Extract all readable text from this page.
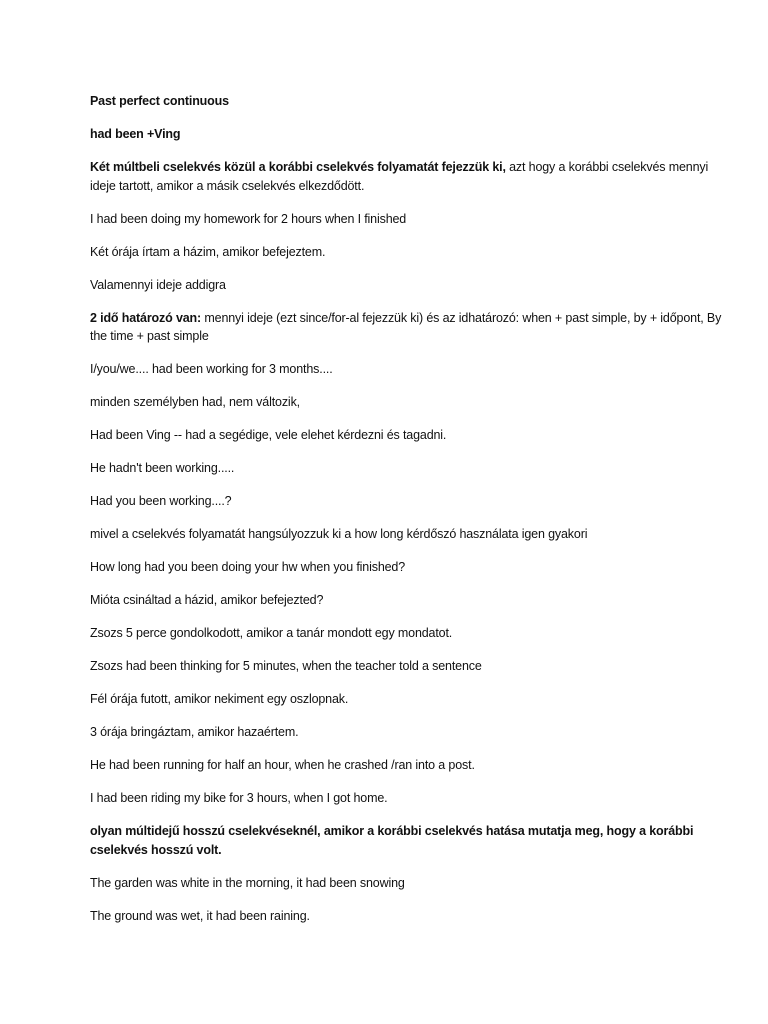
Past perfect continuous

had been +Ving

Két múltbeli cselekvés közül a korábbi cselekvés folyamatát fejezzük ki, azt hogy a korábbi cselekvés mennyi ideje tartott, amikor a másik cselekvés elkezdődött.

I had been doing my homework for 2 hours when I finished

Két órája írtam a házim, amikor befejeztem.

Valamennyi ideje addigra

2 idő határozó van: mennyi ideje (ezt since/for-al fejezzük ki) és az idhatározó: when + past simple, by + időpont, By the time + past simple

I/you/we.... had been working for 3 months....

minden személyben had, nem változik,

Had been Ving -- had a segédige, vele elehet kérdezni és tagadni.

He hadn't been working.....

Had you been working....?

mivel a cselekvés folyamatát hangsúlyozzuk ki a how long kérdőszó használata igen gyakori

How long had you been doing your hw when you finished?

Mióta csináltad a házid, amikor befejezted?

Zsozs 5 perce gondolkodott, amikor a tanár mondott egy mondatot.

Zsozs had been thinking for 5 minutes, when the teacher told a sentence

Fél órája futott, amikor nekiment egy oszlopnak.

3 órája bringáztam, amikor hazaértem.

He had been running for half an hour, when he crashed /ran into a post.

I had been riding my bike for 3 hours, when I got home.

olyan múltidejű hosszú cselekvéseknél, amikor a korábbi cselekvés hatása mutatja meg, hogy a korábbi cselekvés hosszú volt.

The garden was white in the morning, it had been snowing

The ground was wet, it had been raining.
